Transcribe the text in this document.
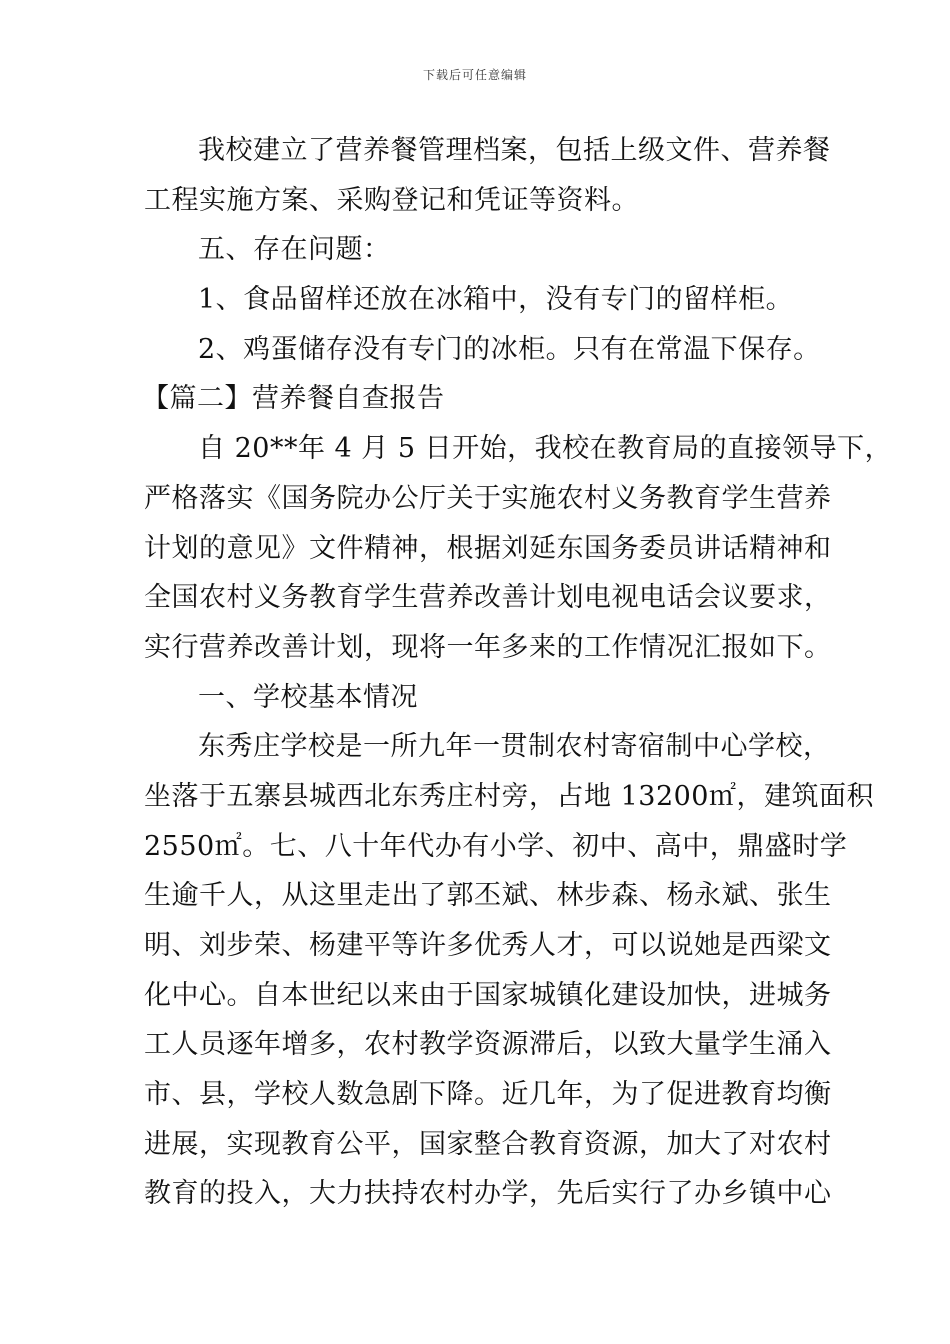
下载后可任意编辑
我校建立了营养餐管理档案，包括上级文件、营养餐
工程实施方案、采购登记和凭证等资料。
五、存在问题：
1、食品留样还放在冰箱中，没有专门的留样柜。
2、鸡蛋储存没有专门的冰柜。只有在常温下保存。
【篇二】营养餐自查报告
自 20**年 4 月 5 日开始，我校在教育局的直接领导下，
严格落实《国务院办公厅关于实施农村义务教育学生营养
计划的意见》文件精神，根据刘延东国务委员讲话精神和
全国农村义务教育学生营养改善计划电视电话会议要求，
实行营养改善计划，现将一年多来的工作情况汇报如下。
一、学校基本情况
东秀庄学校是一所九年一贯制农村寄宿制中心学校，
坐落于五寨县城西北东秀庄村旁，占地 13200㎡，建筑面积
2550㎡。七、八十年代办有小学、初中、高中，鼎盛时学
生逾千人，从这里走出了郭丕斌、林步森、杨永斌、张生
明、刘步荣、杨建平等许多优秀人才，可以说她是西梁文
化中心。自本世纪以来由于国家城镇化建设加快，进城务
工人员逐年增多，农村教学资源滞后，以致大量学生涌入
市、县，学校人数急剧下降。近几年，为了促进教育均衡
进展，实现教育公平，国家整合教育资源，加大了对农村
教育的投入，大力扶持农村办学，先后实行了办乡镇中心
